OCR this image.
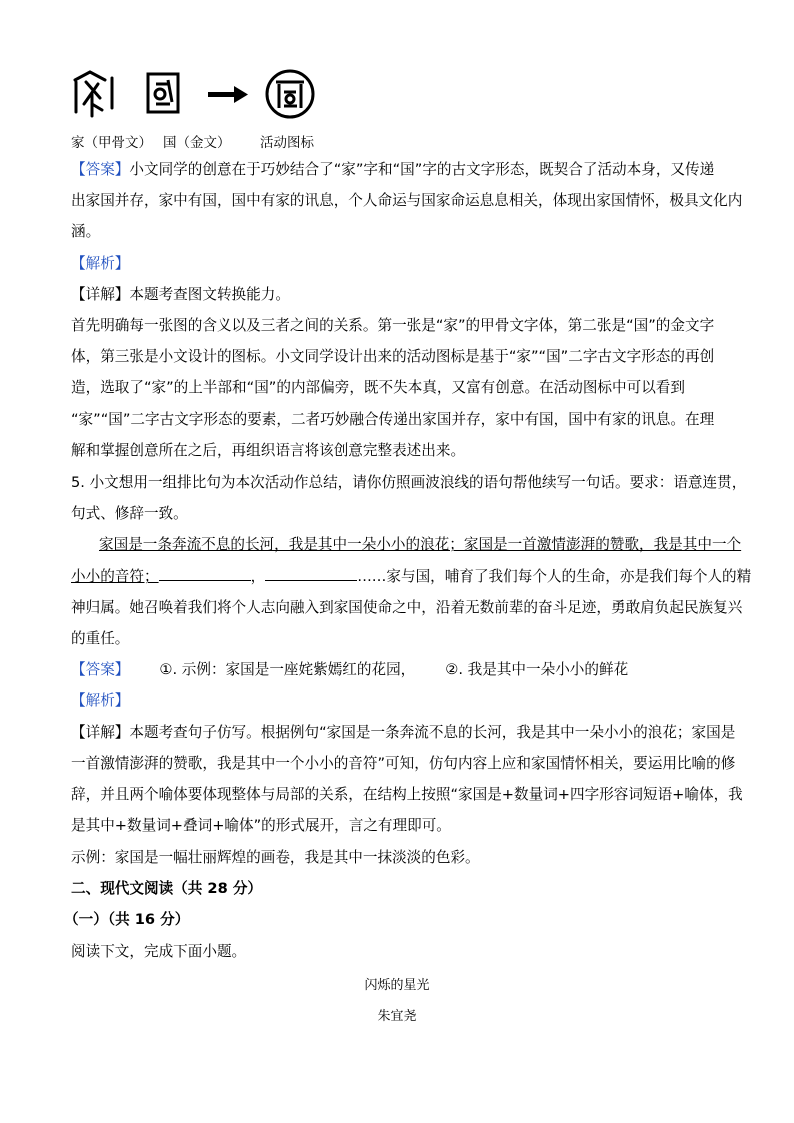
家（甲骨文） 国（金文） 活动图标
【答案】小文同学的创意在于巧妙结合了“家”字和“国”字的古文字形态，既契合了活动本身，又传递
出家国并存，家中有国，国中有家的讯息，个人命运与国家命运息息相关，体现出家国情怀，极具文化内
涵。
【解析】
【详解】本题考查图文转换能力。
首先明确每一张图的含义以及三者之间的关系。第一张是“家”的甲骨文字体，第二张是“国”的金文字
体，第三张是小文设计的图标。小文同学设计出来的活动图标是基于“家”“国”二字古文字形态的再创
造，选取了“家”的上半部和“国”的内部偏旁，既不失本真，又富有创意。在活动图标中可以看到
“家”“国”二字古文字形态的要素，二者巧妙融合传递出家国并存，家中有国，国中有家的讯息。在理
解和掌握创意所在之后，再组织语言将该创意完整表述出来。
5. 小文想用一组排比句为本次活动作总结，请你仿照画波浪线的语句帮他续写一句话。要求：语意连贯，
句式、修辞一致。
家国是一条奔流不息的长河，我是其中一朵小小的浪花；家国是一首激情澎湃的赞歌，我是其中一个
小小的音符；	，	……家与国，哺育了我们每个人的生命，亦是我们每个人的精
神归属。她召唤着我们将个人志向融入到家国使命之中，沿着无数前辈的奋斗足迹，勇敢肩负起民族复兴
的重任。
【答案】 ①. 示例：家国是一座姹紫嫣红的花园， ②. 我是其中一朵小小的鲜花
【解析】
【详解】本题考查句子仿写。根据例句“家国是一条奔流不息的长河，我是其中一朵小小的浪花；家国是
一首激情澎湃的赞歌，我是其中一个小小的音符”可知，仿句内容上应和家国情怀相关，要运用比喻的修
辞，并且两个喻体要体现整体与局部的关系，在结构上按照“家国是+数量词+四字形容词短语+喻体，我
是其中+数量词+叠词+喻体”的形式展开，言之有理即可。
示例：家国是一幅壮丽辉煌的画卷，我是其中一抹淡淡的色彩。
二、现代文阅读（共 28 分）
（一）（共 16 分）
阅读下文，完成下面小题。
闪烁的星光
朱宜尧
